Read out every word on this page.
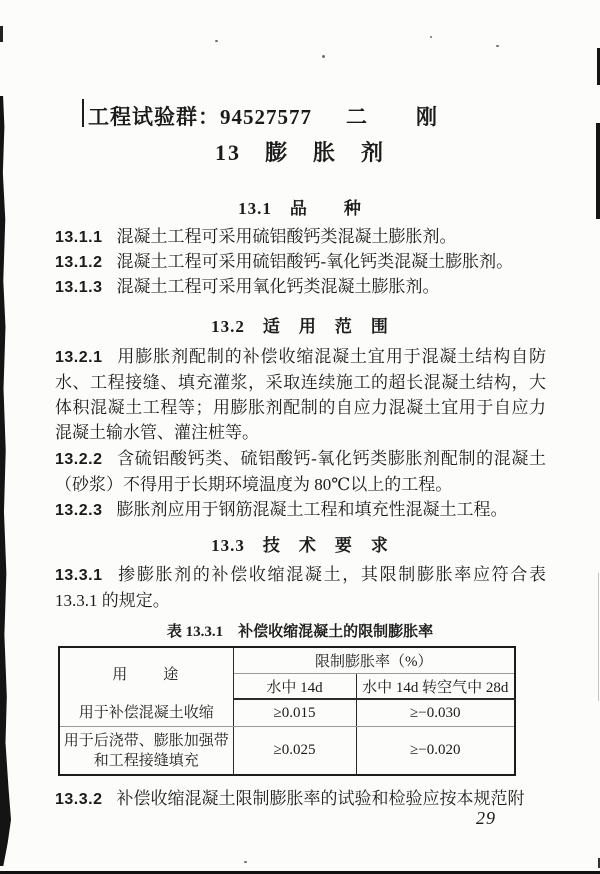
工程试验群：94527577 二　刚
13　膨　胀　剂
13.1　品　　种

13.1.1 混凝土工程可采用硫铝酸钙类混凝土膨胀剂。

13.1.2 混凝土工程可采用硫铝酸钙-氧化钙类混凝土膨胀剂。

13.1.3 混凝土工程可采用氧化钙类混凝土膨胀剂。

13.2　适　用　范　围

13.2.1 用膨胀剂配制的补偿收缩混凝土宜用于混凝土结构自防水、工程接缝、填充灌浆，采取连续施工的超长混凝土结构，大体积混凝土工程等；用膨胀剂配制的自应力混凝土宜用于自应力混凝土输水管、灌注桩等。

13.2.2 含硫铝酸钙类、硫铝酸钙-氧化钙类膨胀剂配制的混凝土（砂浆）不得用于长期环境温度为 80℃以上的工程。

13.2.3 膨胀剂应用于钢筋混凝土工程和填充性混凝土工程。

13.3　技　术　要　求

13.3.1 掺膨胀剂的补偿收缩混凝土，其限制膨胀率应符合表 13.3.1 的规定。

表 13.3.1　补偿收缩混凝土的限制膨胀率
用　　途	限制膨胀率（%）	
	水中 14d	水中 14d 转空气中 28d
用于补偿混凝土收缩	≥0.015	≥−0.030
用于后浇带、膨胀加强带和工程接缝填充	≥0.025	≥−0.020

13.3.2 补偿收缩混凝土限制膨胀率的试验和检验应按本规范附

29
